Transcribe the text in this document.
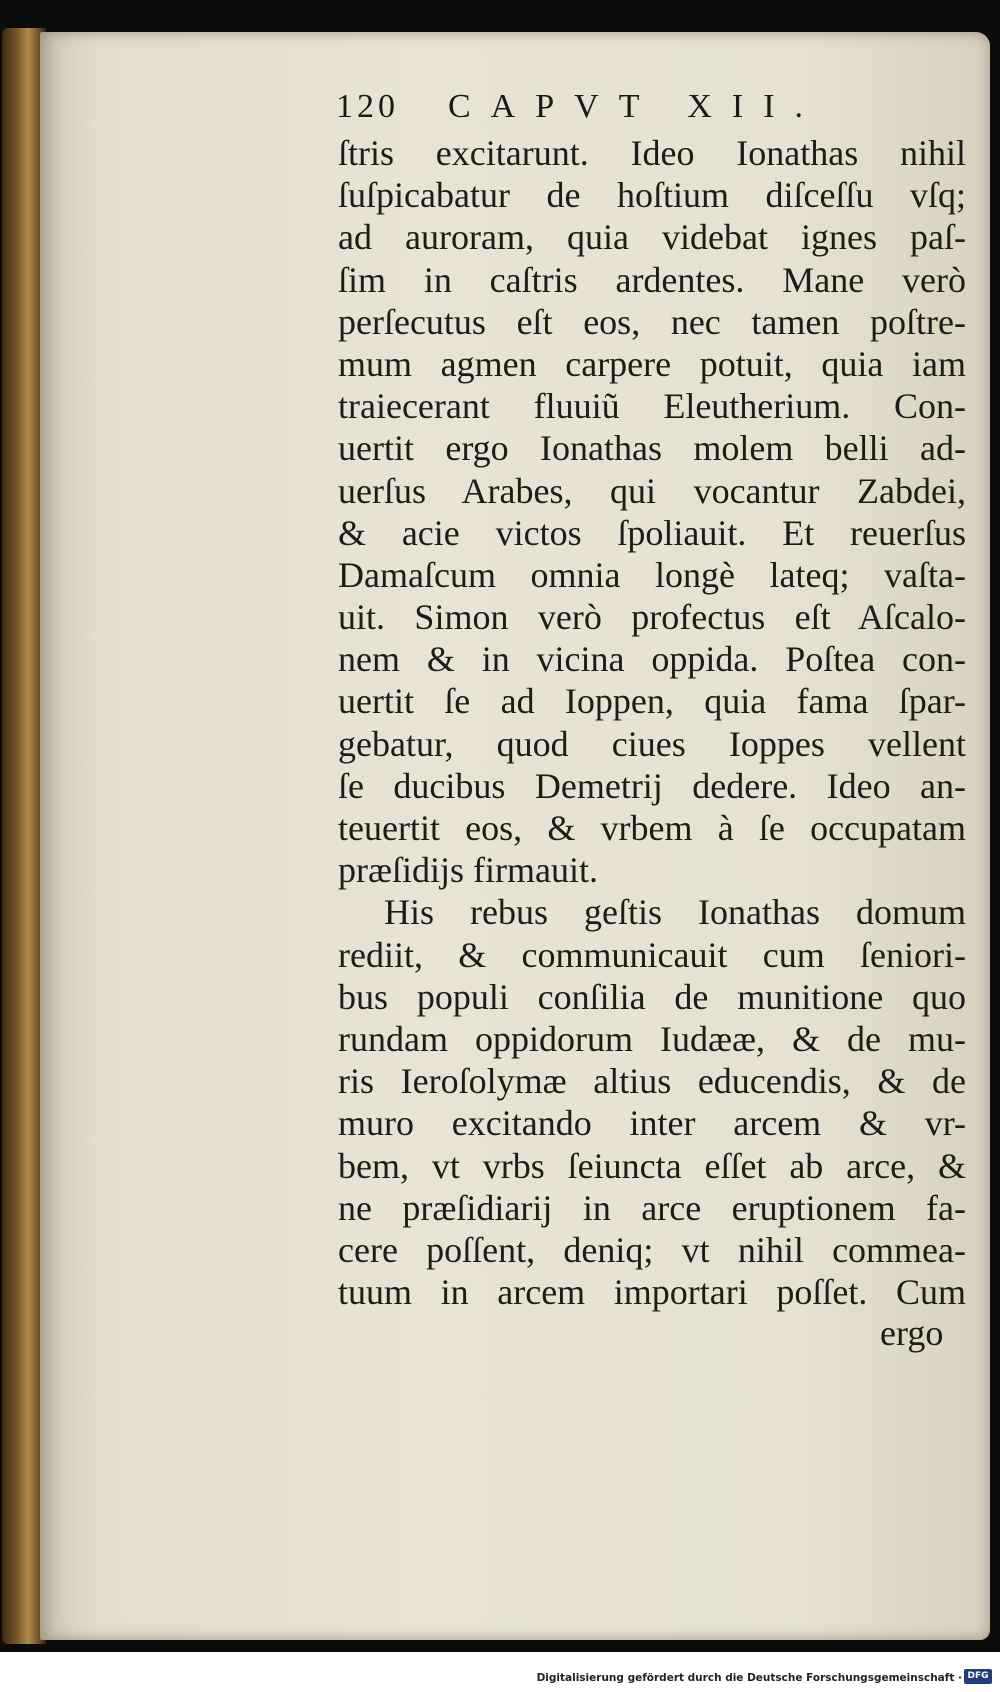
120 CAPVT XII.
ſtris excitarunt. Ideo Ionathas nihil
ſuſpicabatur de hoſtium diſceſſu vſq;
ad auroram, quia videbat ignes paſ-
ſim in caſtris ardentes. Mane verò
perſecutus eſt eos, nec tamen poſtre-
mum agmen carpere potuit, quia iam
traiecerant fluuiũ Eleutherium. Con-
uertit ergo Ionathas molem belli ad-
uerſus Arabes, qui vocantur Zabdei,
& acie victos ſpoliauit. Et reuerſus
Damaſcum omnia longè lateq; vaſta-
uit. Simon verò profectus eſt Aſcalo-
nem & in vicina oppida. Poſtea con-
uertit ſe ad Ioppen, quia fama ſpar-
gebatur, quod ciues Ioppes vellent
ſe ducibus Demetrij dedere. Ideo an-
teuertit eos, & vrbem à ſe occupatam
præſidijs firmauit.
His rebus geſtis Ionathas domum
rediit, & communicauit cum ſeniori-
bus populi conſilia de munitione quo
rundam oppidorum Iudææ, & de mu-
ris Ieroſolymæ altius educendis, & de
muro excitando inter arcem & vr-
bem, vt vrbs ſeiuncta eſſet ab arce, &
ne præſidiarij in arce eruptionem fa-
cere poſſent, deniq; vt nihil commea-
tuum in arcem importari poſſet. Cum
ergo
Digitalisierung gefördert durch die Deutsche Forschungsgemeinschaft · DFG
